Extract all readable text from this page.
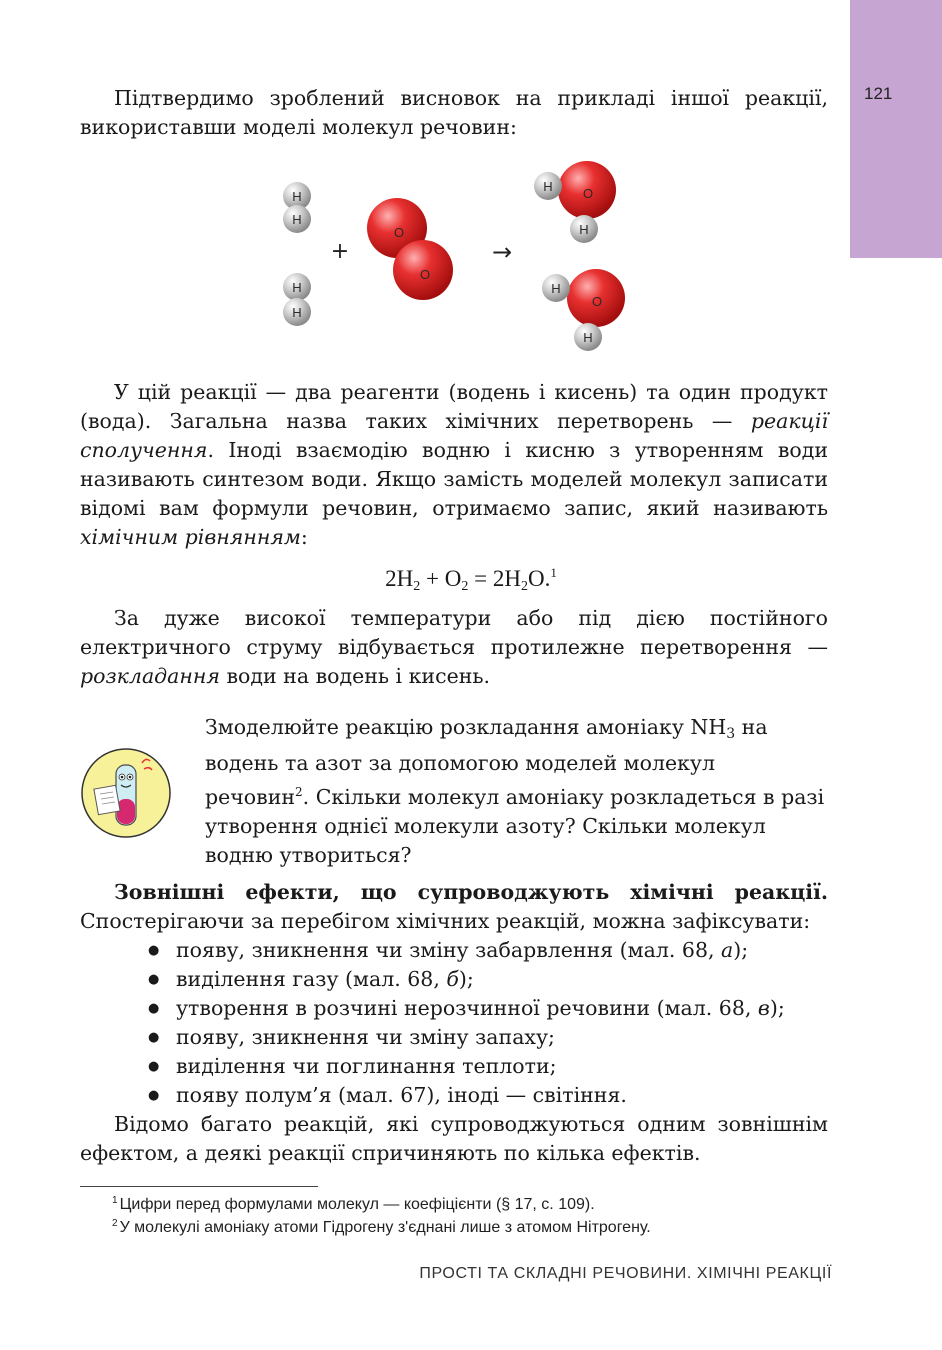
121

Підтвердимо зроблений висновок на прикладі іншої реакції, використавши моделі молекул речовин:

H
H
H
H
+
O
O
→
O
H
H
O
H
H

У цій реакції — два реагенти (водень і кисень) та один продукт (вода). Загальна назва таких хімічних перетворень — реакції сполучення. Іноді взаємодію водню і кисню з утворенням води називають синтезом води. Якщо замість моделей молекул записати відомі вам формули речовин, отримаємо запис, який називають хімічним рівнянням:

$2H_2 + O_2 = 2H_2O.^1$

За дуже високої температури або під дією постійного електричного струму відбувається протилежне перетворення — розкладання води на водень і кисень.

Змоделюйте реакцію розкладання амоніаку $NH_3$ на водень та азот за допомогою моделей молекул речовин$^2$. Скільки молекул амоніаку розкладеться в разі утворення однієї молекули азоту? Скільки молекул водню утвориться?

Зовнішні ефекти, що супроводжують хімічні реакції. Спостерігаючи за перебігом хімічних реакцій, можна зафіксувати:

● появу, зникнення чи зміну забарвлення (мал. 68, а);
● виділення газу (мал. 68, б);
● утворення в розчині нерозчинної речовини (мал. 68, в);
● появу, зникнення чи зміну запаху;
● виділення чи поглинання теплоти;
● появу полум’я (мал. 67), іноді — світіння.

Відомо багато реакцій, які супроводжуються одним зовнішнім ефектом, а деякі реакції спричиняють по кілька ефектів.

$^1$ Цифри перед формулами молекул — коефіцієнти (§ 17, с. 109).
$^2$ У молекулі амоніаку атоми Гідрогену з'єднані лише з атомом Нітрогену.
ПРОСТІ ТА СКЛАДНІ РЕЧОВИНИ. ХІМІЧНІ РЕАКЦІЇ
